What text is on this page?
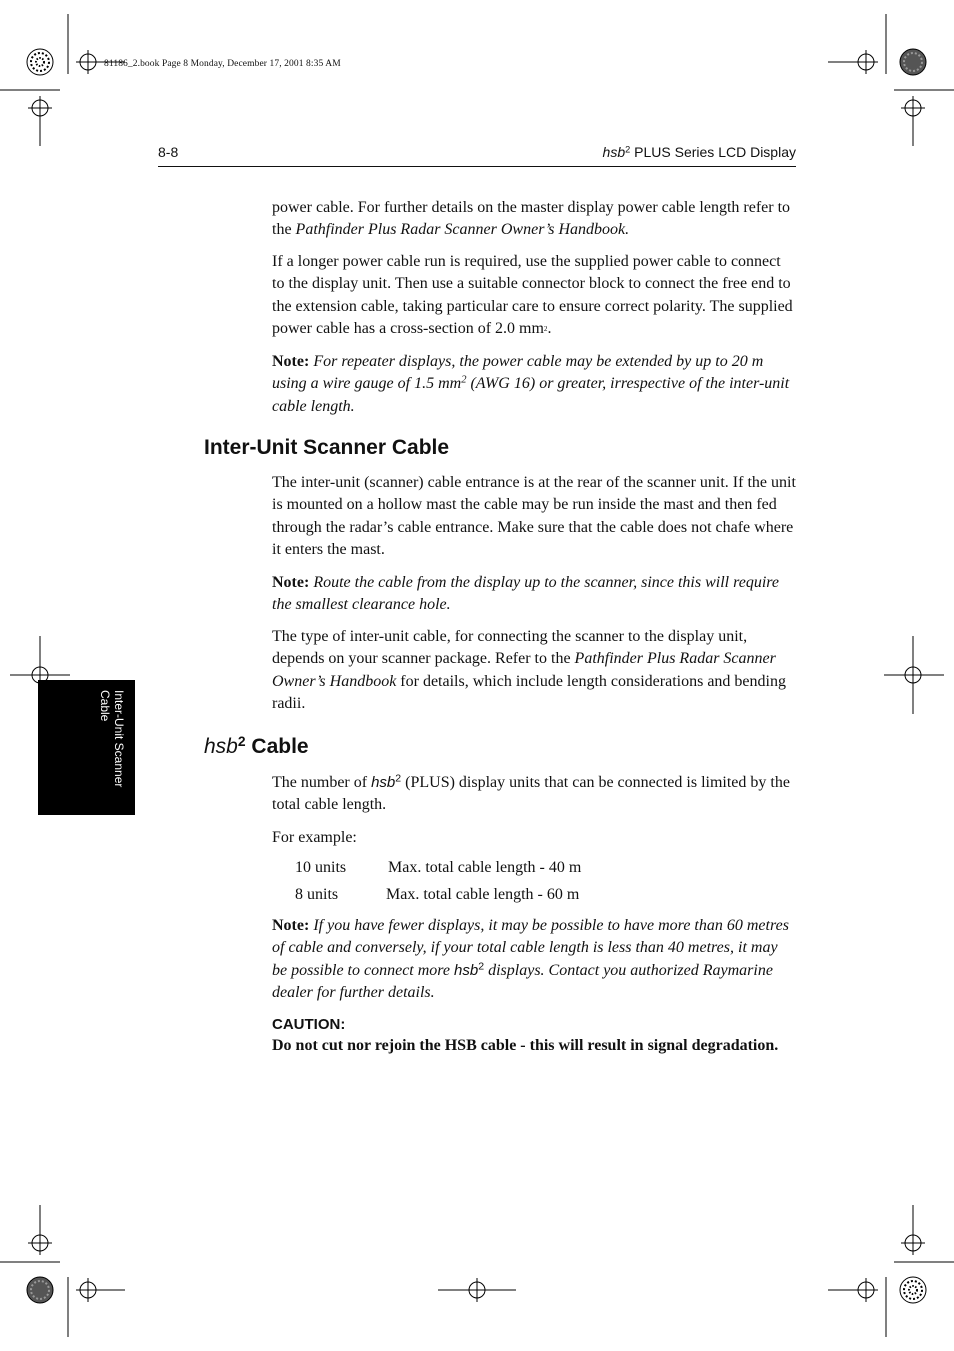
81186_2.book Page 8 Monday, December 17, 2001 8:35 AM
8-8	hsb$^2$ PLUS Series LCD Display

power cable. For further details on the master display power cable length refer to the Pathfinder Plus Radar Scanner Owner’s Handbook.

If a longer power cable run is required, use the supplied power cable to connect to the display unit. Then use a suitable connector block to connect the free end to the extension cable, taking particular care to ensure correct polarity. The supplied power cable has a cross-section of 2.0 $mm^2$.

Note: For repeater displays, the power cable may be extended by up to 20 m using a wire gauge of 1.5 $mm^2$ (AWG 16) or greater, irrespective of the inter-unit cable length.

The inter-unit (scanner) cable entrance is at the rear of the scanner unit. If the unit is mounted on a hollow mast the cable may be run inside the mast and then fed through the radar’s cable entrance. Make sure that the cable does not chafe where it enters the mast.

Note: Route the cable from the display up to the scanner, since this will require the smallest clearance hole.

The type of inter-unit cable, for connecting the scanner to the display unit, depends on your scanner package. Refer to the Pathfinder Plus Radar Scanner Owner’s Handbook for details, which include length considerations and bending radii.

The number of hsb$^2$ (PLUS) display units that can be connected is limited by the total cable length.

For example:

Note: If you have fewer displays, it may be possible to have more than 60 metres of cable and conversely, if your total cable length is less than 40 metres, it may be possible to connect more hsb$^2$ displays. Contact you authorized Raymarine dealer for further details.

Inter-Unit Scanner Cable
hsb$^2$ Cable
10 units	Max. total cable length - 40 m
8 units	Max. total cable length - 60 m
CAUTION:
Do not cut nor rejoin the HSB cable - this will result in signal degradation.
Inter-Unit Scanner Cable
